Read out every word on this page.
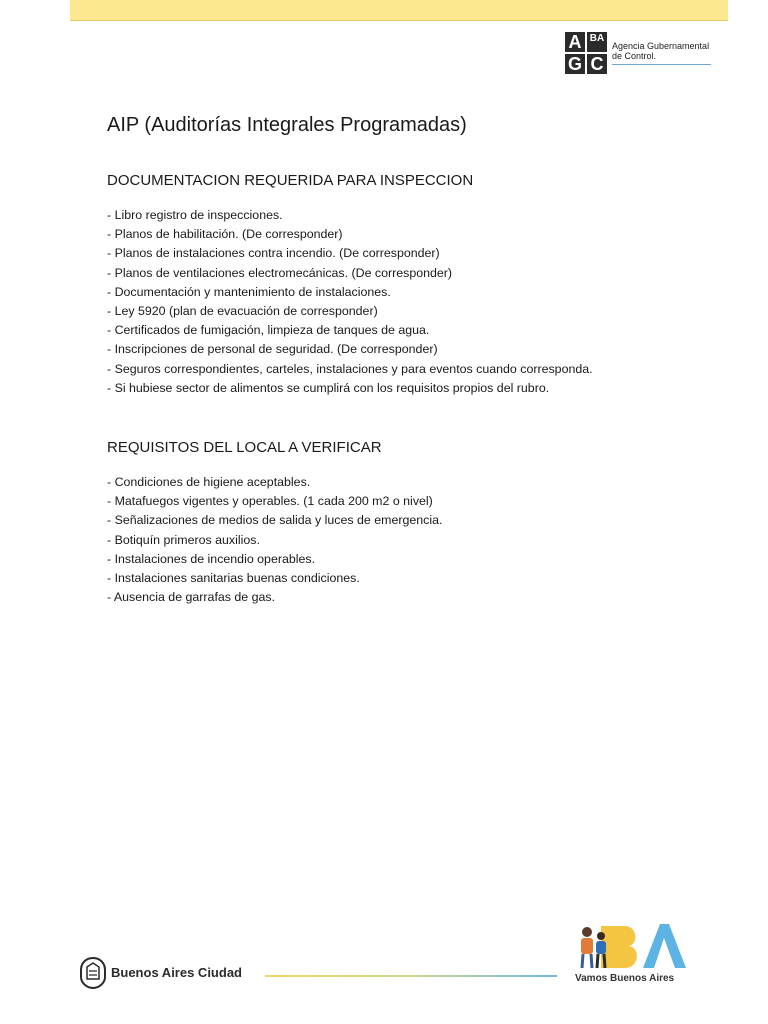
A BA
G C
Agencia Gubernamental
de Control.
AIP (Auditorías Integrales Programadas)
DOCUMENTACION REQUERIDA PARA INSPECCION
- Libro registro de inspecciones.
- Planos de habilitación. (De corresponder)
- Planos de instalaciones contra incendio. (De corresponder)
- Planos de ventilaciones electromecánicas. (De corresponder)
- Documentación y mantenimiento de instalaciones.
- Ley 5920 (plan de evacuación de corresponder)
- Certificados de fumigación, limpieza de tanques de agua.
- Inscripciones de personal de seguridad. (De corresponder)
- Seguros correspondientes, carteles, instalaciones y para eventos cuando corresponda.
- Si hubiese sector de alimentos se cumplirá con los requisitos propios del rubro.
REQUISITOS DEL LOCAL A VERIFICAR
- Condiciones de higiene aceptables.
- Matafuegos vigentes y operables. (1 cada 200 m2 o nivel)
- Señalizaciones de medios de salida y luces de emergencia.
- Botiquín primeros auxilios.
- Instalaciones de incendio operables.
- Instalaciones sanitarias buenas condiciones.
- Ausencia de garrafas de gas.
Buenos Aires Ciudad
BA
Vamos Buenos Aires
